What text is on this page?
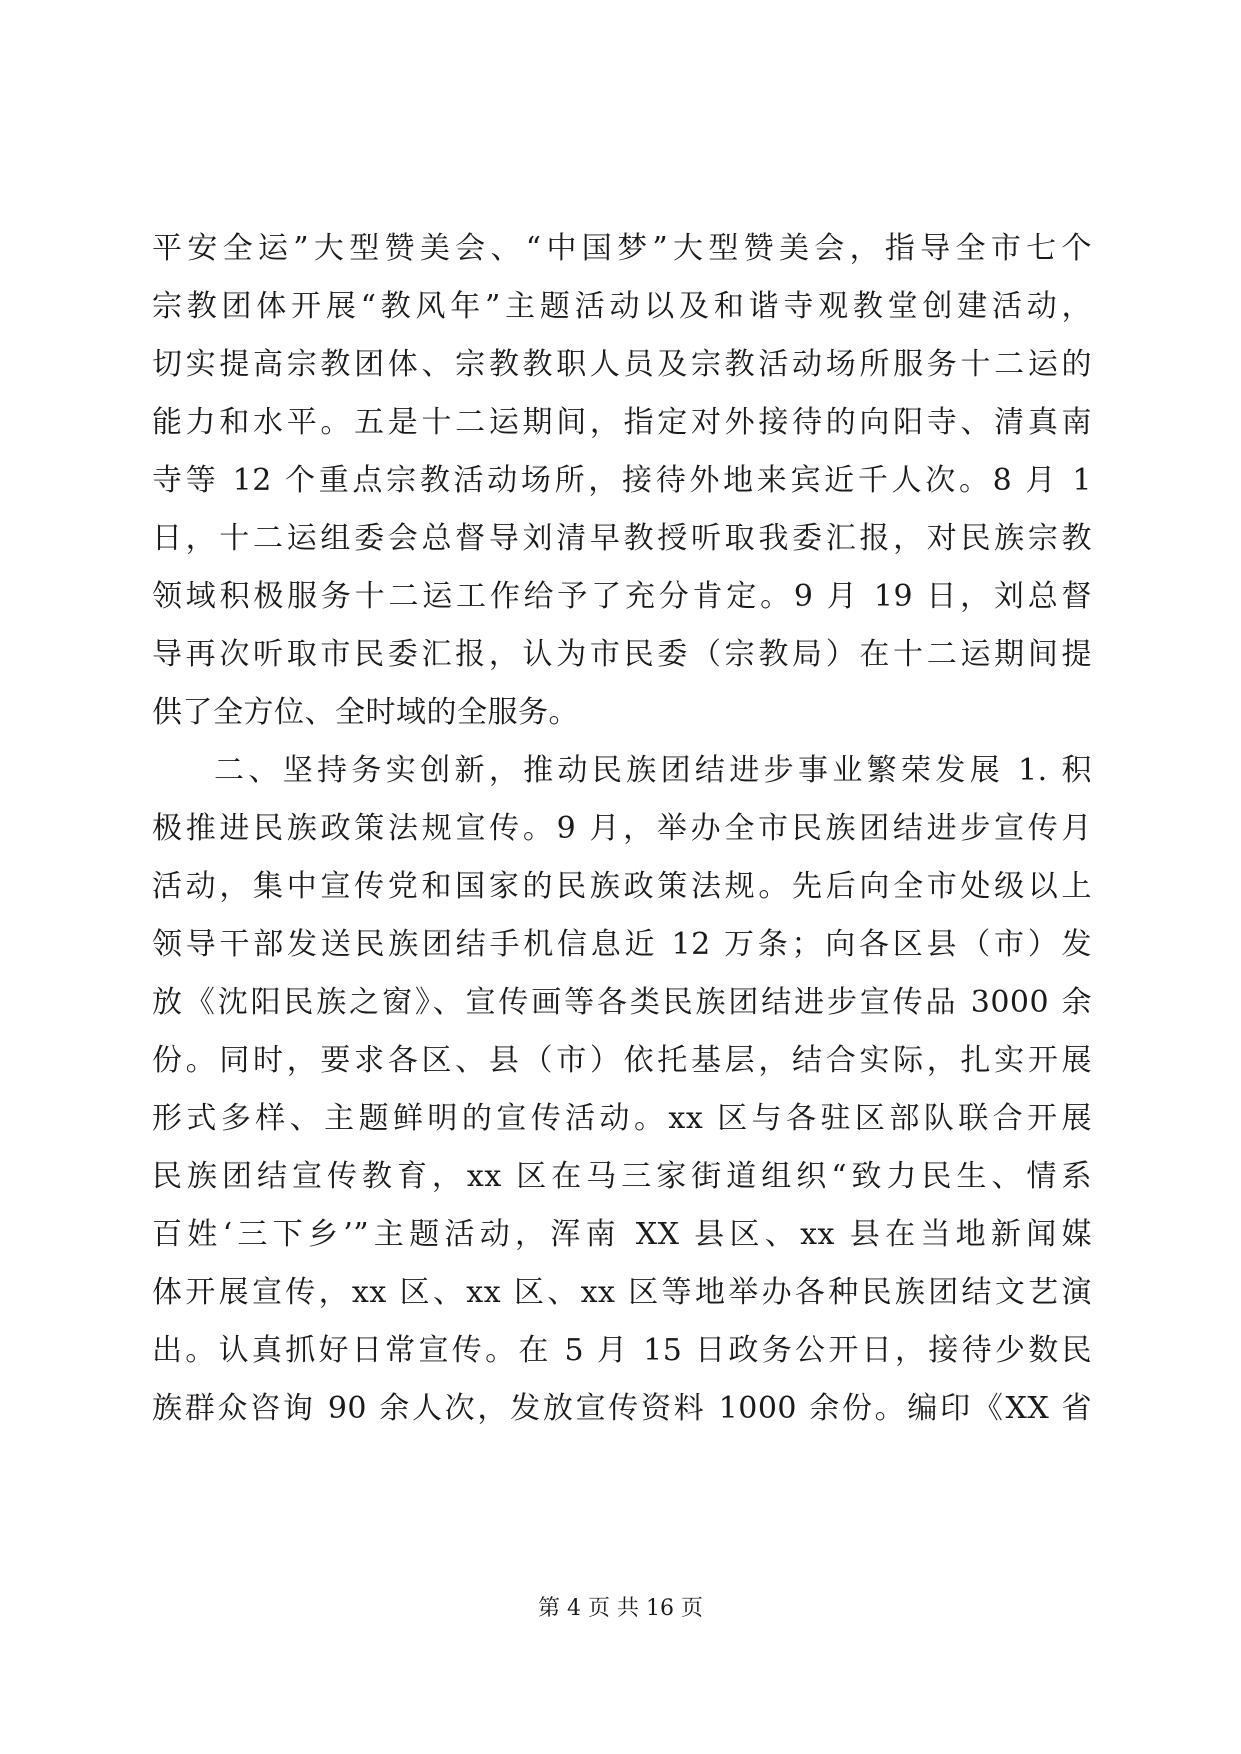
平安全运”大型赞美会、“中国梦”大型赞美会，指导全市七个
宗教团体开展“教风年”主题活动以及和谐寺观教堂创建活动，
切实提高宗教团体、宗教教职人员及宗教活动场所服务十二运的
能力和水平。五是十二运期间，指定对外接待的向阳寺、清真南
寺等 12 个重点宗教活动场所，接待外地来宾近千人次。8 月 1
日，十二运组委会总督导刘清早教授听取我委汇报，对民族宗教
领域积极服务十二运工作给予了充分肯定。9 月 19 日，刘总督
导再次听取市民委汇报，认为市民委（宗教局）在十二运期间提
供了全方位、全时域的全服务。
二、坚持务实创新，推动民族团结进步事业繁荣发展 1. 积
极推进民族政策法规宣传。9 月，举办全市民族团结进步宣传月
活动，集中宣传党和国家的民族政策法规。先后向全市处级以上
领导干部发送民族团结手机信息近 12 万条；向各区县（市）发
放《沈阳民族之窗》、宣传画等各类民族团结进步宣传品 3000 余
份。同时，要求各区、县（市）依托基层，结合实际，扎实开展
形式多样、主题鲜明的宣传活动。xx 区与各驻区部队联合开展
民族团结宣传教育，xx 区在马三家街道组织“致力民生、情系
百姓‘三下乡’”主题活动，浑南 XX 县区、xx 县在当地新闻媒
体开展宣传，xx 区、xx 区、xx 区等地举办各种民族团结文艺演
出。认真抓好日常宣传。在 5 月 15 日政务公开日，接待少数民
族群众咨询 90 余人次，发放宣传资料 1000 余份。编印《XX 省
第 4 页 共 16 页
